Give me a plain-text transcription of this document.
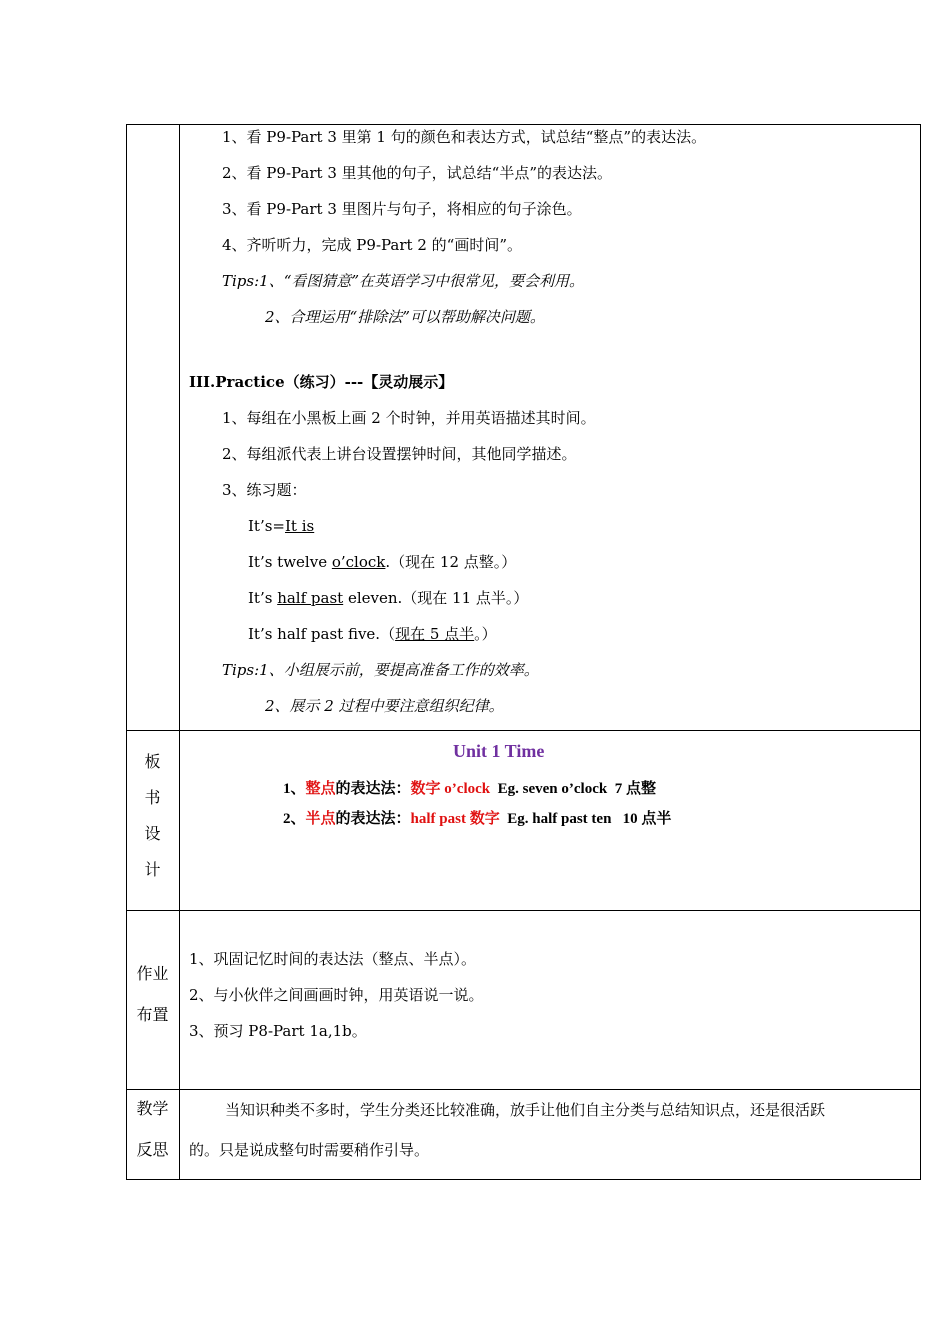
1、看 P9-Part 3 里第 1 句的颜色和表达方式，试总结“整点”的表达法。
2、看 P9-Part 3 里其他的句子，试总结“半点”的表达法。
3、看 P9-Part 3 里图片与句子，将相应的句子涂色。
4、齐听听力，完成 P9-Part 2 的“画时间”。
Tips:1、“看图猜意”在英语学习中很常见，要会利用。
2、合理运用“排除法”可以帮助解决问题。
III.Practice（练习）---【灵动展示】
1、每组在小黑板上画 2 个时钟，并用英语描述其时间。
2、每组派代表上讲台设置摆钟时间，其他同学描述。
3、练习题：
It’s=It is
It’s twelve o’clock.（现在 12 点整。）
It’s half past eleven.（现在 11 点半。）
It’s half past five.（现在 5 点半。）
Tips:1、小组展示前，要提高准备工作的效率。
2、展示 2 过程中要注意组织纪律。
板
书
设
计
Unit 1 Time
1、整点的表达法：数字 o’clock  Eg. seven o’clock  7 点整
2、半点的表达法：half past 数字  Eg. half past ten   10 点半
作业
布置
1、巩固记忆时间的表达法（整点、半点）。
2、与小伙伴之间画画时钟，用英语说一说。
3、预习 P8-Part 1a,1b。
教学
反思
当知识种类不多时，学生分类还比较准确，放手让他们自主分类与总结知识点，还是很活跃
的。只是说成整句时需要稍作引导。
